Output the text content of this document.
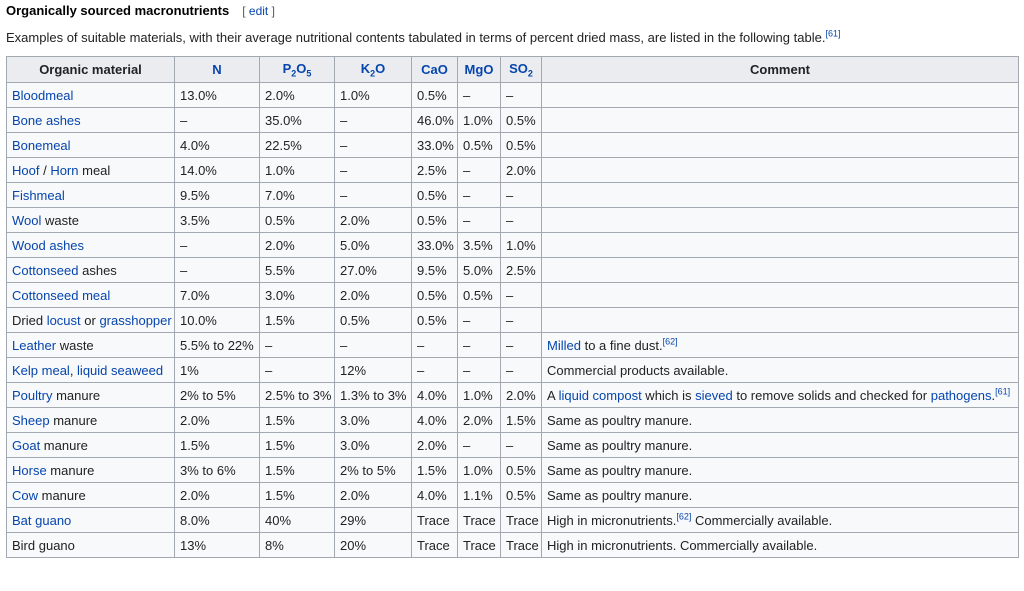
Organically sourced macronutrients [ edit ]
Examples of suitable materials, with their average nutritional contents tabulated in terms of percent dried mass, are listed in the following table.[61]
Organic material	N	$P_2O_5$	$K_2O$	CaO	MgO	$SO_2$	Comment
Bloodmeal	13.0%	2.0%	1.0%	0.5%	–	–	
Bone ashes	–	35.0%	–	46.0%	1.0%	0.5%	
Bonemeal	4.0%	22.5%	–	33.0%	0.5%	0.5%	
Hoof / Horn meal	14.0%	1.0%	–	2.5%	–	2.0%	
Fishmeal	9.5%	7.0%	–	0.5%	–	–	
Wool waste	3.5%	0.5%	2.0%	0.5%	–	–	
Wood ashes	–	2.0%	5.0%	33.0%	3.5%	1.0%	
Cottonseed ashes	–	5.5%	27.0%	9.5%	5.0%	2.5%	
Cottonseed meal	7.0%	3.0%	2.0%	0.5%	0.5%	–	
Dried locust or grasshopper	10.0%	1.5%	0.5%	0.5%	–	–	
Leather waste	5.5% to 22%	–	–	–	–	–	Milled to a fine dust.[62]
Kelp meal, liquid seaweed	1%	–	12%	–	–	–	Commercial products available.
Poultry manure	2% to 5%	2.5% to 3%	1.3% to 3%	4.0%	1.0%	2.0%	A liquid compost which is sieved to remove solids and checked for pathogens.[61]
Sheep manure	2.0%	1.5%	3.0%	4.0%	2.0%	1.5%	Same as poultry manure.
Goat manure	1.5%	1.5%	3.0%	2.0%	–	–	Same as poultry manure.
Horse manure	3% to 6%	1.5%	2% to 5%	1.5%	1.0%	0.5%	Same as poultry manure.
Cow manure	2.0%	1.5%	2.0%	4.0%	1.1%	0.5%	Same as poultry manure.
Bat guano	8.0%	40%	29%	Trace	Trace	Trace	High in micronutrients.[62] Commercially available.
Bird guano	13%	8%	20%	Trace	Trace	Trace	High in micronutrients. Commercially available.
